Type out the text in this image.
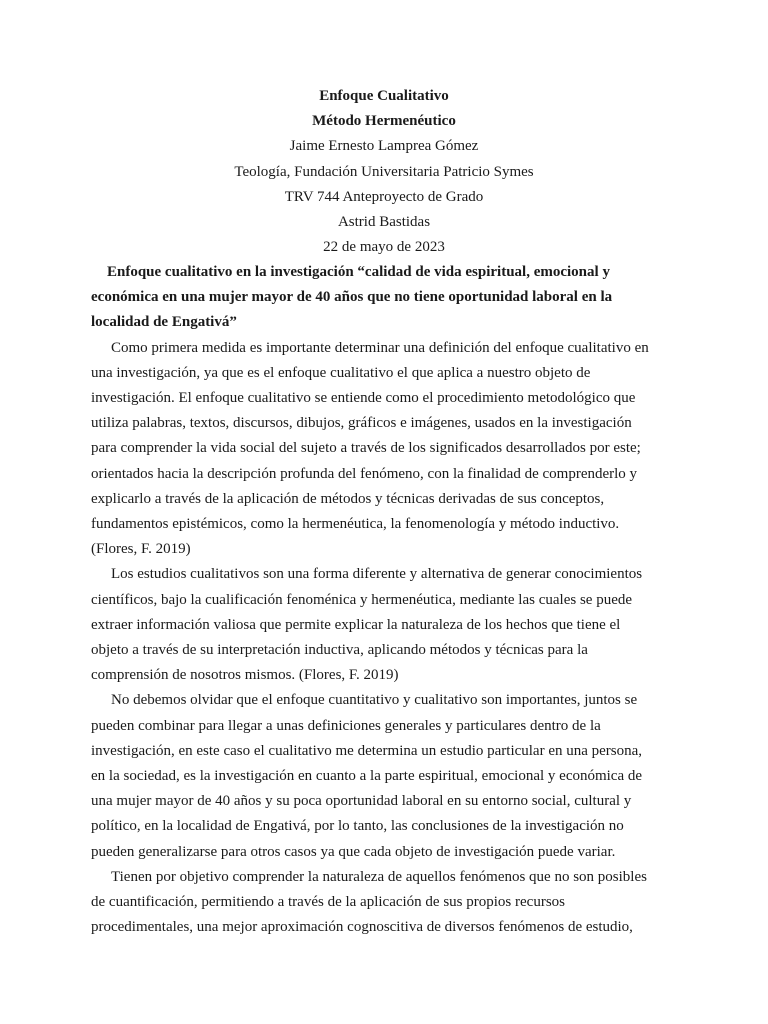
Enfoque Cualitativo
Método Hermenéutico
Jaime Ernesto Lamprea Gómez
Teología, Fundación Universitaria Patricio Symes
TRV 744 Anteproyecto de Grado
Astrid Bastidas
22 de mayo de 2023
Enfoque cualitativo en la investigación “calidad de vida espiritual, emocional y
económica en una mujer mayor de 40 años que no tiene oportunidad laboral en la
localidad de Engativá”
Como primera medida es importante determinar una definición del enfoque cualitativo en
una investigación, ya que es el enfoque cualitativo el que aplica a nuestro objeto de
investigación. El enfoque cualitativo se entiende como el procedimiento metodológico que
utiliza palabras, textos, discursos, dibujos, gráficos e imágenes, usados en la investigación
para comprender la vida social del sujeto a través de los significados desarrollados por este;
orientados hacia la descripción profunda del fenómeno, con la finalidad de comprenderlo y
explicarlo a través de la aplicación de métodos y técnicas derivadas de sus conceptos,
fundamentos epistémicos, como la hermenéutica, la fenomenología y método inductivo.
(Flores, F. 2019)
Los estudios cualitativos son una forma diferente y alternativa de generar conocimientos
científicos, bajo la cualificación fenoménica y hermenéutica, mediante las cuales se puede
extraer información valiosa que permite explicar la naturaleza de los hechos que tiene el
objeto a través de su interpretación inductiva, aplicando métodos y técnicas para la
comprensión de nosotros mismos. (Flores, F. 2019)
No debemos olvidar que el enfoque cuantitativo y cualitativo son importantes, juntos se
pueden combinar para llegar a unas definiciones generales y particulares dentro de la
investigación, en este caso el cualitativo me determina un estudio particular en una persona,
en la sociedad, es la investigación en cuanto a la parte espiritual, emocional y económica de
una mujer mayor de 40 años y su poca oportunidad laboral en su entorno social, cultural y
político, en la localidad de Engativá, por lo tanto, las conclusiones de la investigación no
pueden generalizarse para otros casos ya que cada objeto de investigación puede variar.
Tienen por objetivo comprender la naturaleza de aquellos fenómenos que no son posibles
de cuantificación, permitiendo a través de la aplicación de sus propios recursos
procedimentales, una mejor aproximación cognoscitiva de diversos fenómenos de estudio,
